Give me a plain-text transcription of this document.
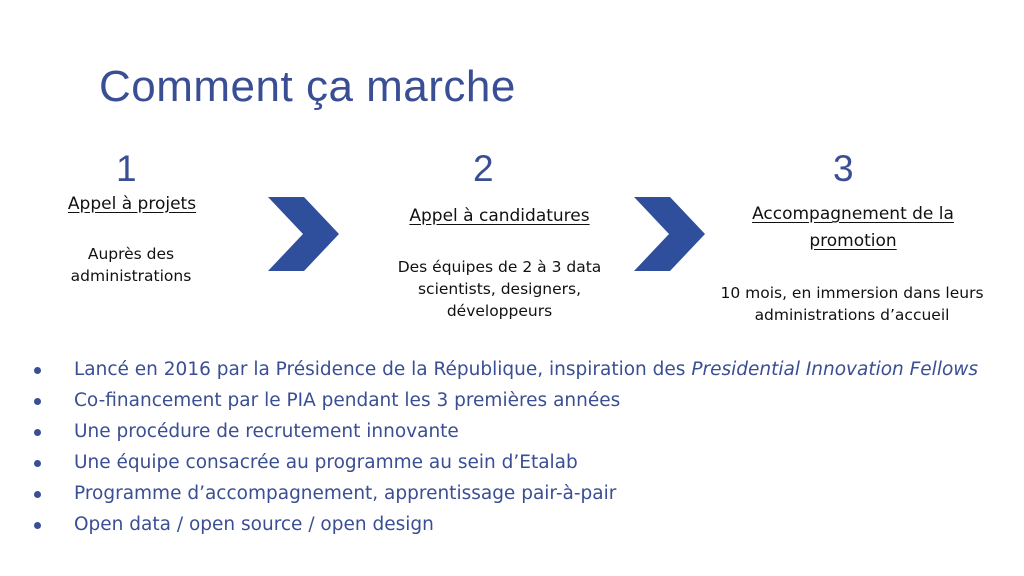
Comment ça marche
1
Appel à projets
Auprès des administrations
2
Appel à candidatures
Des équipes de 2 à 3 data scientists, designers, développeurs
3
Accompagnement de la promotion
10 mois, en immersion dans leurs administrations d’accueil
Lancé en 2016 par la Présidence de la République, inspiration des Presidential Innovation Fellows
Co-financement par le PIA pendant les 3 premières années
Une procédure de recrutement innovante
Une équipe consacrée au programme au sein d’Etalab
Programme d’accompagnement, apprentissage pair-à-pair
Open data / open source / open design
